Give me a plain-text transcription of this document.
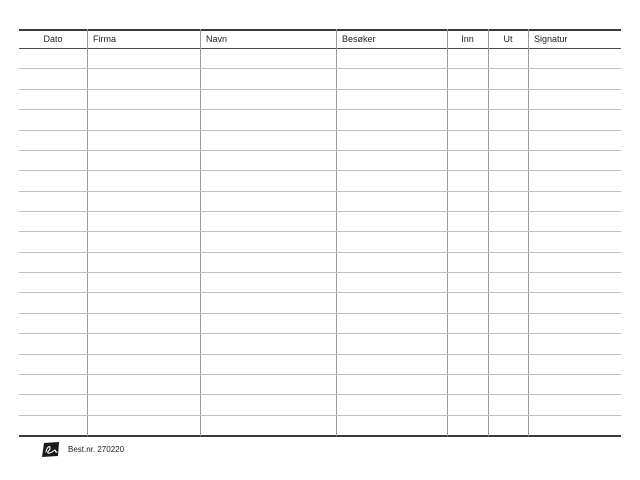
Dato	Firma	Navn	Besøker	Inn	Ut	Signatur
Best.nr. 270220
